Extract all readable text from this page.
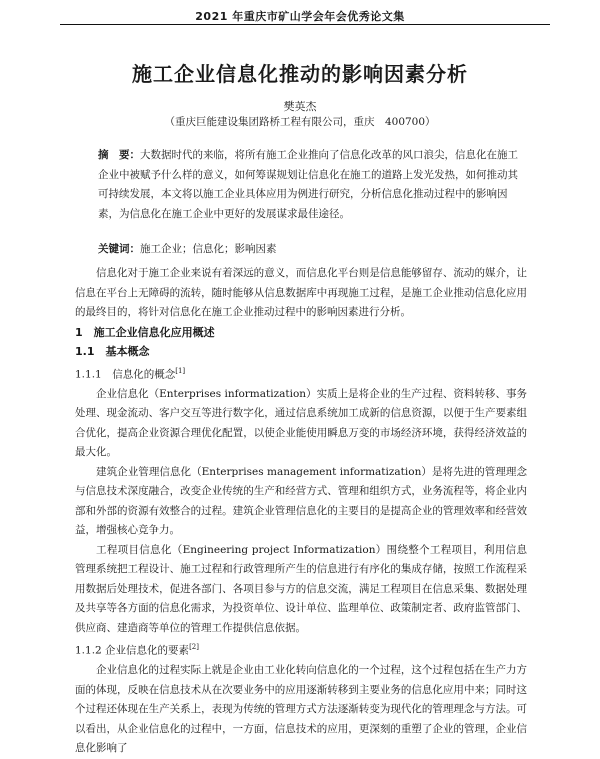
2021 年重庆市矿山学会年会优秀论文集
施工企业信息化推动的影响因素分析
樊英杰
（重庆巨能建设集团路桥工程有限公司，重庆　400700）
摘　要：大数据时代的来临，将所有施工企业推向了信息化改革的风口浪尖，信息化在施工企业中被赋予什么样的意义，如何筹谋规划让信息化在施工的道路上发光发热，如何推动其可持续发展，本文将以施工企业具体应用为例进行研究，分析信息化推动过程中的影响因素，为信息化在施工企业中更好的发展谋求最佳途径。
关键词：施工企业；信息化；影响因素

信息化对于施工企业来说有着深远的意义，而信息化平台则是信息能够留存、流动的媒介，让信息在平台上无障碍的流转，随时能够从信息数据库中再现施工过程，是施工企业推动信息化应用的最终目的，将针对信息化在施工企业推动过程中的影响因素进行分析。

1　施工企业信息化应用概述
1.1　基本概念
1.1.1　信息化的概念[1]

企业信息化（Enterprises informatization）实质上是将企业的生产过程、资料转移、事务处理、现金流动、客户交互等进行数字化，通过信息系统加工成新的信息资源，以便于生产要素组合优化，提高企业资源合理优化配置，以使企业能使用瞬息万变的市场经济环境，获得经济效益的最大化。

建筑企业管理信息化（Enterprises management informatization）是将先进的管理理念与信息技术深度融合，改变企业传统的生产和经营方式、管理和组织方式，业务流程等，将企业内部和外部的资源有效整合的过程。建筑企业管理信息化的主要目的是提高企业的管理效率和经营效益，增强核心竞争力。

工程项目信息化（Engineering project Informatization）围绕整个工程项目，利用信息管理系统把工程设计、施工过程和行政管理所产生的信息进行有序化的集成存储，按照工作流程采用数据后处理技术，促进各部门、各项目参与方的信息交流，满足工程项目在信息采集、数据处理及共享等各方面的信息化需求，为投资单位、设计单位、监理单位、政策制定者、政府监管部门、供应商、建造商等单位的管理工作提供信息依据。

1.1.2 企业信息化的要素[2]

企业信息化的过程实际上就是企业由工业化转向信息化的一个过程，这个过程包括在生产力方面的体现，反映在信息技术从在次要业务中的应用逐渐转移到主要业务的信息化应用中来；同时这个过程还体现在生产关系上，表现为传统的管理方式方法逐渐转变为现代化的管理理念与方法。可以看出，从企业信息化的过程中，一方面，信息技术的应用，更深刻的重塑了企业的管理，企业信息化影响了
